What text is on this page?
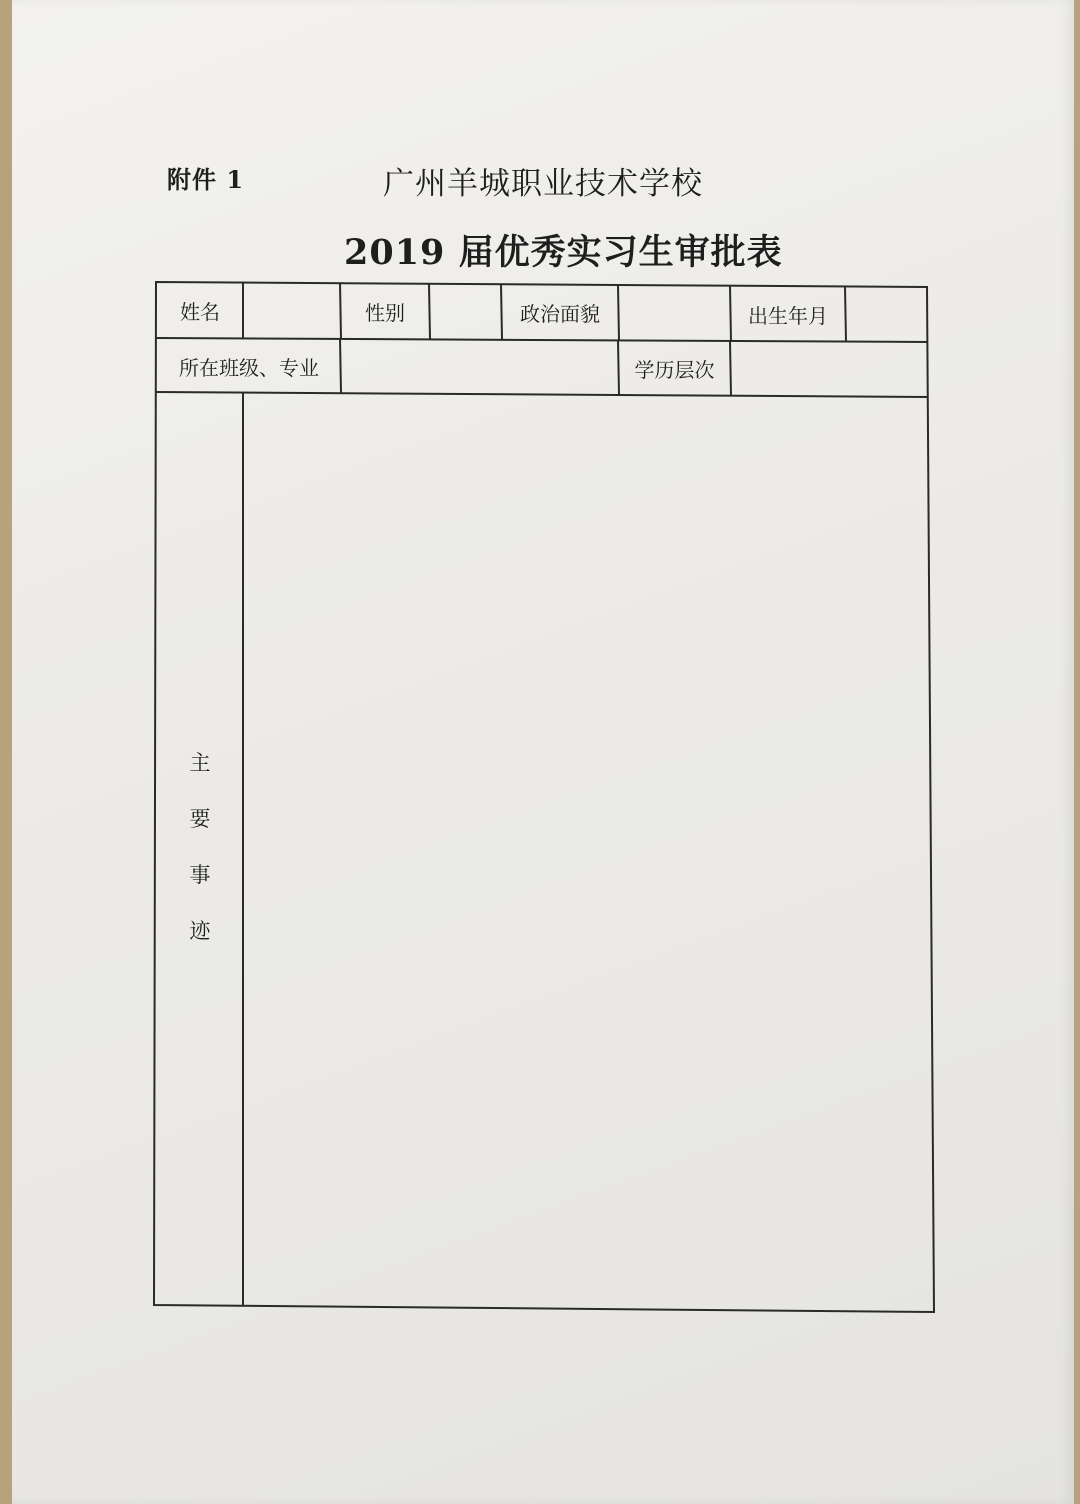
附件 1	广州羊城职业技术学校
2019 届优秀实习生审批表
姓名	性别	政治面貌	出生年月
所在班级、专业	学历层次
主
要
事
迹
